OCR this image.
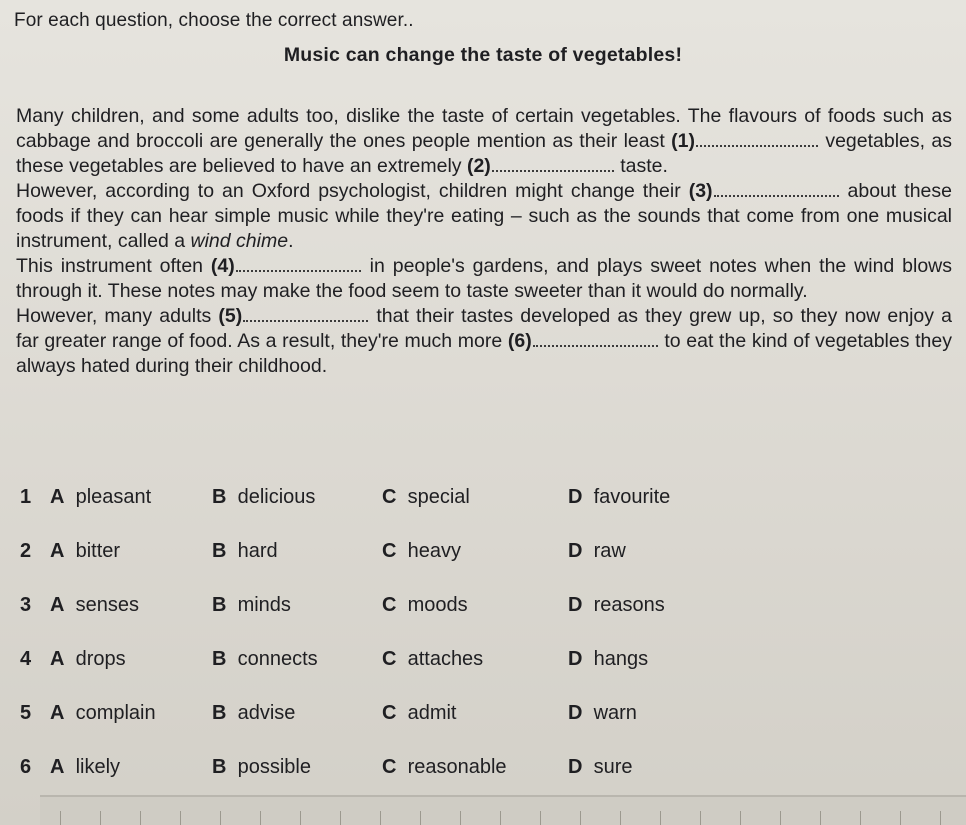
For each question, choose the correct answer..
Music can change the taste of vegetables!

Many children, and some adults too, dislike the taste of certain vegetables. The flavours of foods such as cabbage and broccoli are generally the ones people mention as their least (1)	vegetables, as these vegetables are believed to have an extremely (2)	taste.

However, according to an Oxford psychologist, children might change their (3)	about these foods if they can hear simple music while they're eating – such as the sounds that come from one musical instrument, called a wind chime.

This instrument often (4)	in people's gardens, and plays sweet notes when the wind blows through it. These notes may make the food seem to taste sweeter than it would do normally.

However, many adults (5)	that their tastes developed as they grew up, so they now enjoy a far greater range of food. As a result, they're much more (6)	to eat the kind of vegetables they always hated during their childhood.

1 A pleasant	B delicious	C special	D favourite
2 A bitter	B hard	C heavy	D raw
3 A senses	B minds	C moods	D reasons
4 A drops	B connects	C attaches	D hangs
5 A complain	B advise	C admit	D warn
6 A likely	B possible	C reasonable	D sure
